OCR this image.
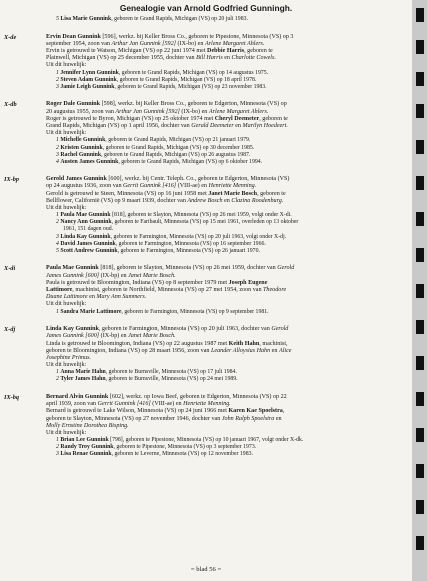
Genealogie van Arnold Godfried Gunningh.
5 Lisa Marie Gunnink, geboren te Grand Rapids, Michigan (VS) op 20 juli 1983.
X-de	Ervin Dean Gunnink [596], werkz. bij Keller Bross Co., geboren te Pipestone, Minnesota (VS) op 3
september 1954, zoon van Arthur Jan Gunnink [592] (IX-bo) en Arlene Margaret Ahlers.
Ervin is getrouwd te Watson, Michigan (VS) op 22 juni 1974 met Debbie Harris, geboren te
Plainwell, Michigan (VS) op 25 december 1955, dochter van Bill Harris en Charlotte Cowels.
Uit dit huwelijk:
1 Jennifer Lynn Gunnink, geboren te Grand Rapids, Michigan (VS) op 14 augustus 1975.
2 Steven Adam Gunnink, geboren te Grand Rapids, Michigan (VS) op 18 april 1978.
3 Jamie Leigh Gunnink, geboren te Grand Rapids, Michigan (VS) op 23 november 1983.
X-db	Roger Dale Gunnink [598], werkz. bij Keller Bross Co., geboren te Edgerton, Minnesota (VS) op
20 augustus 1955, zoon van Arthur Jan Gunnink [592] (IX-bo) en Arlene Margaret Ahlers.
Roger is getrouwd te Byron, Michigan (VS) op 25 oktober 1974 met Cheryl Deemeter, geboren te
Grand Rapids, Michigan (VS) op 1 april 1956, dochter van Gerald Deemeter en Marilyn Hoedeert.
Uit dit huwelijk:
1 Michelle Gunnink, geboren te Grand Rapids, Michigan (VS) op 21 januari 1979.
2 Kristen Gunnink, geboren te Grand Rapids, Michigan (VS) op 30 december 1985.
3 Rachel Gunnink, geboren te Grand Rapids, Michigan (VS) op 26 augustus 1987.
4 Austen James Gunnink, geboren te Grand Rapids, Michigan (VS) op 6 oktober 1994.
IX-bp	Gerold James Gunnink [600], werkz. bij Centr. Teleph. Co., geboren te Edgerton, Minnesota (VS)
op 24 augustus 1936, zoon van Gerrit Gunnink [416] (VIII-ae) en Henriette Menning.
Gerold is getrouwd te Steen, Minnesota (VS) op 16 juni 1958 met Janet Marie Bosch, geboren te
Bellflower, Californië (VS) op 9 maart 1939, dochter van Andrew Bosch en Clazina Roodenburg.
Uit dit huwelijk:
1 Paula Mae Gunnink [818], geboren te Slayton, Minnesota (VS) op 26 mei 1959, volgt onder X-di.
2 Nancy Ann Gunnink, geboren te Faribault, Minnesota (VS) op 15 mei 1961, overleden op 13 oktober
1961, 151 dagen oud.
3 Linda Kay Gunnink, geboren te Farmington, Minnesota (VS) op 20 juli 1963, volgt onder X-dj.
4 David James Gunnink, geboren te Farmington, Minnesota (VS) op 16 september 1966.
5 Scott Andrew Gunnink, geboren te Farmington, Minnesota (VS) op 26 januari 1970.
X-di	Paula Mae Gunnink [818], geboren te Slayton, Minnesota (VS) op 26 mei 1959, dochter van Gerold
James Gunnink [600] (IX-bp) en Janet Marie Bosch.
Paula is getrouwd te Bloomington, Indiana (VS) op 8 september 1979 met Joseph Eugene
Lattimore, machinist, geboren te Northfield, Minnesota (VS) op 27 mei 1954, zoon van Theodore
Duane Lattimore en Mary Ann Summers.
Uit dit huwelijk:
1 Sandra Marie Lattimore, geboren te Farmington, Minnesota (VS) op 9 september 1981.
X-dj	Linda Kay Gunnink, geboren te Farmington, Minnesota (VS) op 20 juli 1963, dochter van Gerold
James Gunnink [600] (IX-bp) en Janet Marie Bosch.
Linda is getrouwd te Bloomington, Indiana (VS) op 22 augustus 1987 met Keith Hahn, machinist,
geboren te Bloomington, Indiana (VS) op 28 maart 1956, zoon van Leander Alloysius Hahn en Alice
Josephine Primus.
Uit dit huwelijk:
1 Anna Marie Hahn, geboren te Burnsville, Minnesota (VS) op 17 juli 1984.
2 Tyler James Hahn, geboren te Burnsville, Minnesota (VS) op 24 mei 1989.
IX-bq	Bernard Alvin Gunnink [602], werkz. op Iowa Beef, geboren te Edgerton, Minnesota (VS) op 22
april 1939, zoon van Gerrit Gunnink [416] (VIII-ae) en Henriette Menning.
Bernard is getrouwd te Lake Wilson, Minnesota (VS) op 24 juni 1966 met Karen Kae Spoelstra,
geboren te Slayton, Minnesota (VS) op 27 november 1946, dochter van John Ralph Spoelstra en
Molly Ernstine Dorothea Bisping.
Uit dit huwelijk:
1 Brian Lee Gunnink [798], geboren te Pipestone, Minnesota (VS) op 10 januari 1967, volgt onder X-dk.
2 Randy Troy Gunnink, geboren te Pipestone, Minnesota (VS) op 3 september 1973.
3 Lisa Renae Gunnink, geboren te Leverne, Minnesota (VS) op 12 november 1983.
= blad 56 =
